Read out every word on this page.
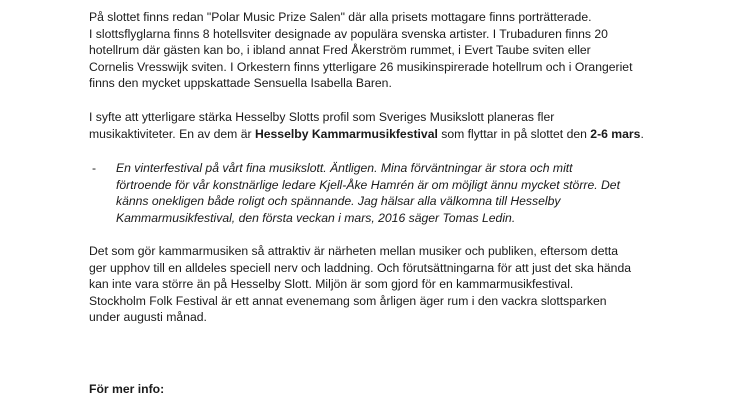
På slottet finns redan "Polar Music Prize Salen" där alla prisets mottagare finns porträtterade.
I slottsflyglarna finns 8 hotellsviter designade av populära svenska artister. I Trubaduren finns 20
hotellrum där gästen kan bo, i ibland annat Fred Åkerström rummet, i Evert Taube sviten eller
Cornelis Vresswijk sviten. I Orkestern finns ytterligare 26 musikinspirerade hotellrum och i Orangeriet
finns den mycket uppskattade Sensuella Isabella Baren.

I syfte att ytterligare stärka Hesselby Slotts profil som Sveriges Musikslott planeras fler
musikaktiviteter. En av dem är Hesselby Kammarmusikfestival som flyttar in på slottet den 2-6 mars.

- En vinterfestival på vårt fina musikslott. Äntligen. Mina förväntningar är stora och mitt
förtroende för vår konstnärlige ledare Kjell-Åke Hamrén är om möjligt ännu mycket större. Det
känns onekligen både roligt och spännande. Jag hälsar alla välkomna till Hesselby
Kammarmusikfestival, den första veckan i mars, 2016 säger Tomas Ledin.

Det som gör kammarmusiken så attraktiv är närheten mellan musiker och publiken, eftersom detta
ger upphov till en alldeles speciell nerv och laddning. Och förutsättningarna för att just det ska hända
kan inte vara större än på Hesselby Slott. Miljön är som gjord för en kammarmusikfestival.
Stockholm Folk Festival är ett annat evenemang som årligen äger rum i den vackra slottsparken
under augusti månad.

För mer info:
